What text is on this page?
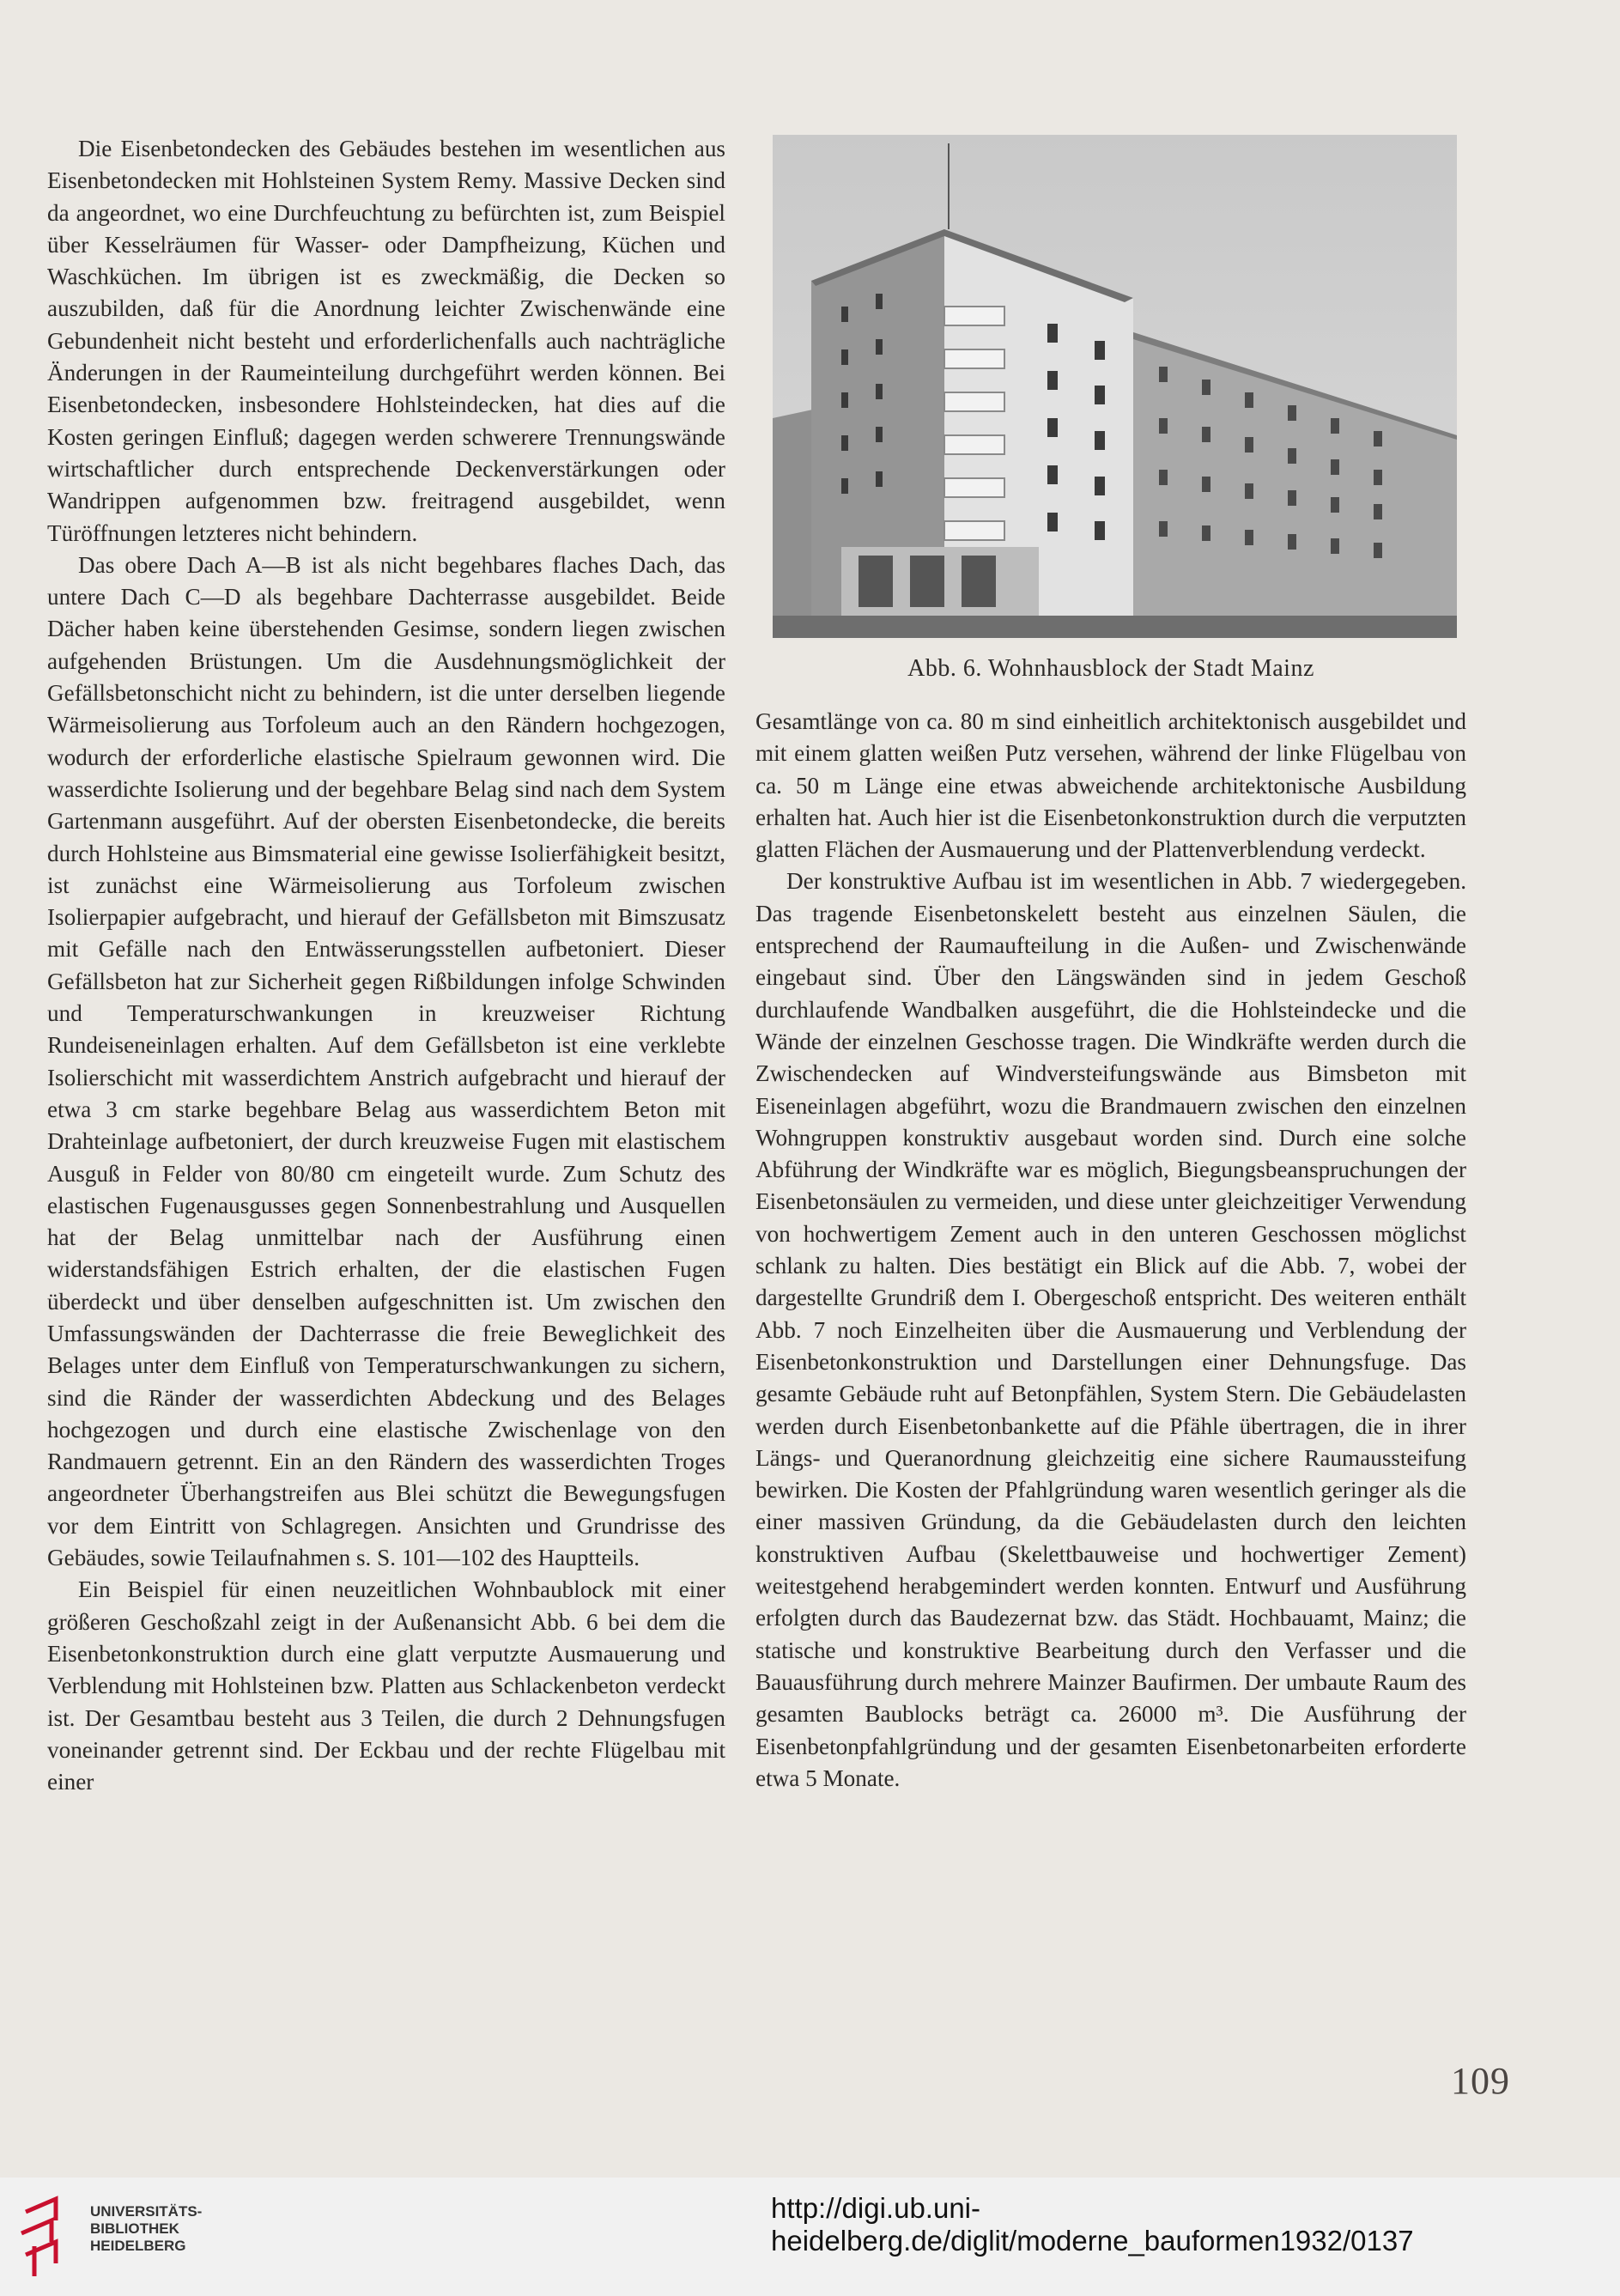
Die Eisenbetondecken des Gebäudes bestehen im wesentlichen aus Eisenbetondecken mit Hohlsteinen System Remy. Massive Decken sind da angeordnet, wo eine Durchfeuchtung zu befürchten ist, zum Beispiel über Kesselräumen für Wasser- oder Dampfheizung, Küchen und Waschküchen. Im übrigen ist es zweckmäßig, die Decken so auszubilden, daß für die Anordnung leichter Zwischenwände eine Gebundenheit nicht besteht und erforderlichenfalls auch nachträgliche Änderungen in der Raumeinteilung durchgeführt werden können. Bei Eisenbetondecken, insbesondere Hohlsteindecken, hat dies auf die Kosten geringen Einfluß; dagegen werden schwerere Trennungswände wirtschaftlicher durch entsprechende Deckenverstärkungen oder Wandrippen aufgenommen bzw. freitragend ausgebildet, wenn Türöffnungen letzteres nicht behindern.

Das obere Dach A—B ist als nicht begehbares flaches Dach, das untere Dach C—D als begehbare Dachterrasse ausgebildet. Beide Dächer haben keine überstehenden Gesimse, sondern liegen zwischen aufgehenden Brüstungen. Um die Ausdehnungsmöglichkeit der Gefällsbetonschicht nicht zu behindern, ist die unter derselben liegende Wärmeisolierung aus Torfoleum auch an den Rändern hochgezogen, wodurch der erforderliche elastische Spielraum gewonnen wird. Die wasserdichte Isolierung und der begehbare Belag sind nach dem System Gartenmann ausgeführt. Auf der obersten Eisenbetondecke, die bereits durch Hohlsteine aus Bimsmaterial eine gewisse Isolierfähigkeit besitzt, ist zunächst eine Wärmeisolierung aus Torfoleum zwischen Isolierpapier aufgebracht, und hierauf der Gefällsbeton mit Bimszusatz mit Gefälle nach den Entwässerungsstellen aufbetoniert. Dieser Gefällsbeton hat zur Sicherheit gegen Rißbildungen infolge Schwinden und Temperaturschwankungen in kreuzweiser Richtung Rundeiseneinlagen erhalten. Auf dem Gefällsbeton ist eine verklebte Isolierschicht mit wasserdichtem Anstrich aufgebracht und hierauf der etwa 3 cm starke begehbare Belag aus wasserdichtem Beton mit Drahteinlage aufbetoniert, der durch kreuzweise Fugen mit elastischem Ausguß in Felder von 80/80 cm eingeteilt wurde. Zum Schutz des elastischen Fugenausgusses gegen Sonnenbestrahlung und Ausquellen hat der Belag unmittelbar nach der Ausführung einen widerstandsfähigen Estrich erhalten, der die elastischen Fugen überdeckt und über denselben aufgeschnitten ist. Um zwischen den Umfassungswänden der Dachterrasse die freie Beweglichkeit des Belages unter dem Einfluß von Temperaturschwankungen zu sichern, sind die Ränder der wasserdichten Abdeckung und des Belages hochgezogen und durch eine elastische Zwischenlage von den Randmauern getrennt. Ein an den Rändern des wasserdichten Troges angeordneter Überhangstreifen aus Blei schützt die Bewegungsfugen vor dem Eintritt von Schlagregen. Ansichten und Grundrisse des Gebäudes, sowie Teilaufnahmen s. S. 101—102 des Hauptteils.

Ein Beispiel für einen neuzeitlichen Wohnbaublock mit einer größeren Geschoßzahl zeigt in der Außenansicht Abb. 6 bei dem die Eisenbetonkonstruktion durch eine glatt verputzte Ausmauerung und Verblendung mit Hohlsteinen bzw. Platten aus Schlackenbeton verdeckt ist. Der Gesamtbau besteht aus 3 Teilen, die durch 2 Dehnungsfugen voneinander getrennt sind. Der Eckbau und der rechte Flügelbau mit einer

Abb. 6. Wohnhausblock der Stadt Mainz

Gesamtlänge von ca. 80 m sind einheitlich architektonisch ausgebildet und mit einem glatten weißen Putz versehen, während der linke Flügelbau von ca. 50 m Länge eine etwas abweichende architektonische Ausbildung erhalten hat. Auch hier ist die Eisenbetonkonstruktion durch die verputzten glatten Flächen der Ausmauerung und der Plattenverblendung verdeckt.

Der konstruktive Aufbau ist im wesentlichen in Abb. 7 wiedergegeben. Das tragende Eisenbetonskelett besteht aus einzelnen Säulen, die entsprechend der Raumaufteilung in die Außen- und Zwischenwände eingebaut sind. Über den Längswänden sind in jedem Geschoß durchlaufende Wandbalken ausgeführt, die die Hohlsteindecke und die Wände der einzelnen Geschosse tragen. Die Windkräfte werden durch die Zwischendecken auf Windversteifungswände aus Bimsbeton mit Eiseneinlagen abgeführt, wozu die Brandmauern zwischen den einzelnen Wohngruppen konstruktiv ausgebaut worden sind. Durch eine solche Abführung der Windkräfte war es möglich, Biegungsbeanspruchungen der Eisenbetonsäulen zu vermeiden, und diese unter gleichzeitiger Verwendung von hochwertigem Zement auch in den unteren Geschossen möglichst schlank zu halten. Dies bestätigt ein Blick auf die Abb. 7, wobei der dargestellte Grundriß dem I. Obergeschoß entspricht. Des weiteren enthält Abb. 7 noch Einzelheiten über die Ausmauerung und Verblendung der Eisenbetonkonstruktion und Darstellungen einer Dehnungsfuge. Das gesamte Gebäude ruht auf Betonpfählen, System Stern. Die Gebäudelasten werden durch Eisenbetonbankette auf die Pfähle übertragen, die in ihrer Längs- und Queranordnung gleichzeitig eine sichere Raumaussteifung bewirken. Die Kosten der Pfahlgründung waren wesentlich geringer als die einer massiven Gründung, da die Gebäudelasten durch den leichten konstruktiven Aufbau (Skelettbauweise und hochwertiger Zement) weitestgehend herabgemindert werden konnten. Entwurf und Ausführung erfolgten durch das Baudezernat bzw. das Städt. Hochbauamt, Mainz; die statische und konstruktive Bearbeitung durch den Verfasser und die Bauausführung durch mehrere Mainzer Baufirmen. Der umbaute Raum des gesamten Baublocks beträgt ca. 26000 m³. Die Ausführung der Eisenbetonpfahlgründung und der gesamten Eisenbetonarbeiten erforderte etwa 5 Monate.

109
UNIVERSITÄTS-
BIBLIOTHEK
HEIDELBERG
http://digi.ub.uni-heidelberg.de/diglit/moderne_bauformen1932/0137
